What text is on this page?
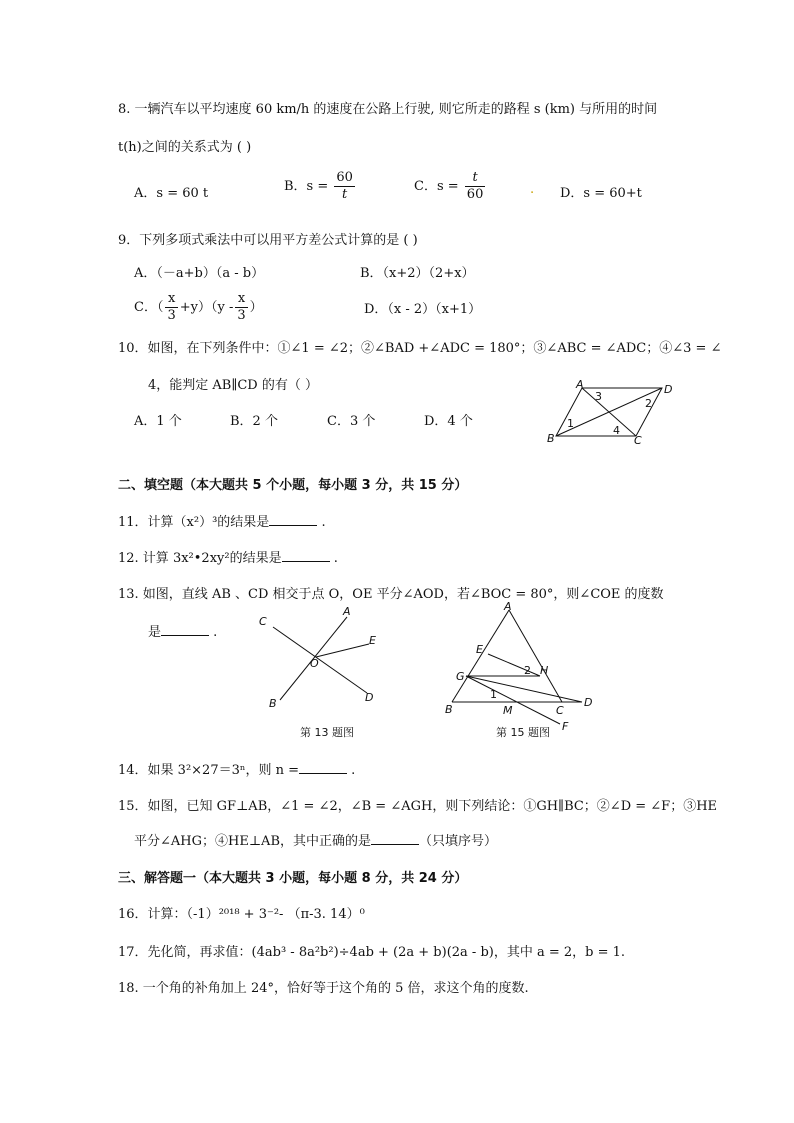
8. 一辆汽车以平均速度 60 km/h 的速度在公路上行驶, 则它所走的路程 s (km) 与所用的时间
t(h)之间的关系式为 ( )
A．s = 60 t	B．$s = \frac{60}{t}$	C．$s = \frac{t}{60}$	. D．s = 60+t
9．下列多项式乘法中可以用平方差公式计算的是 ( )
A．（－a+b）（a - b）	B．（x+2）（2+x）
C．（ $\frac{x}{3} +y)(y - \frac{x}{3}$ ）	D．（x - 2）（x+1）
10．如图，在下列条件中：①∠1 = ∠2；②∠BAD +∠ADC = 180°；③∠ABC = ∠ADC；④∠3 = ∠
4，能判定 AB∥CD 的有（ ）
A．1 个	B．2 个	C．3 个	D．4 个
A	D
B	C
1
2
3
4
二、填空题（本大题共 5 个小题，每小题 3 分，共 15 分）
11．计算（x²）³的结果是	.
12. 计算 3x²•2xy²的结果是	.
13. 如图，直线 AB 、CD 相交于点 O，OE 平分∠AOD，若∠BOC = 80°，则∠COE 的度数
是	.
A
B
C
D
E
O
第 13 题图
A
E
G	H
B	M	C
D
F
1
2
第 15 题图
14．如果 3²×27＝3ⁿ，则 n =	.
15．如图，已知 GF⊥AB，∠1 = ∠2，∠B = ∠AGH，则下列结论：①GH∥BC；②∠D = ∠F；③HE
平分∠AHG；④HE⊥AB，其中正确的是	（只填序号）
三、解答题一（本大题共 3 小题，每小题 8 分，共 24 分）
16．计算：（-1）²⁰¹⁸ + 3⁻²- （π-3. 14）⁰
17．先化简，再求值：(4ab³ - 8a²b²)÷4ab + (2a + b)(2a - b)，其中 a = 2，b = 1.
18. 一个角的补角加上 24°，恰好等于这个角的 5 倍，求这个角的度数.
